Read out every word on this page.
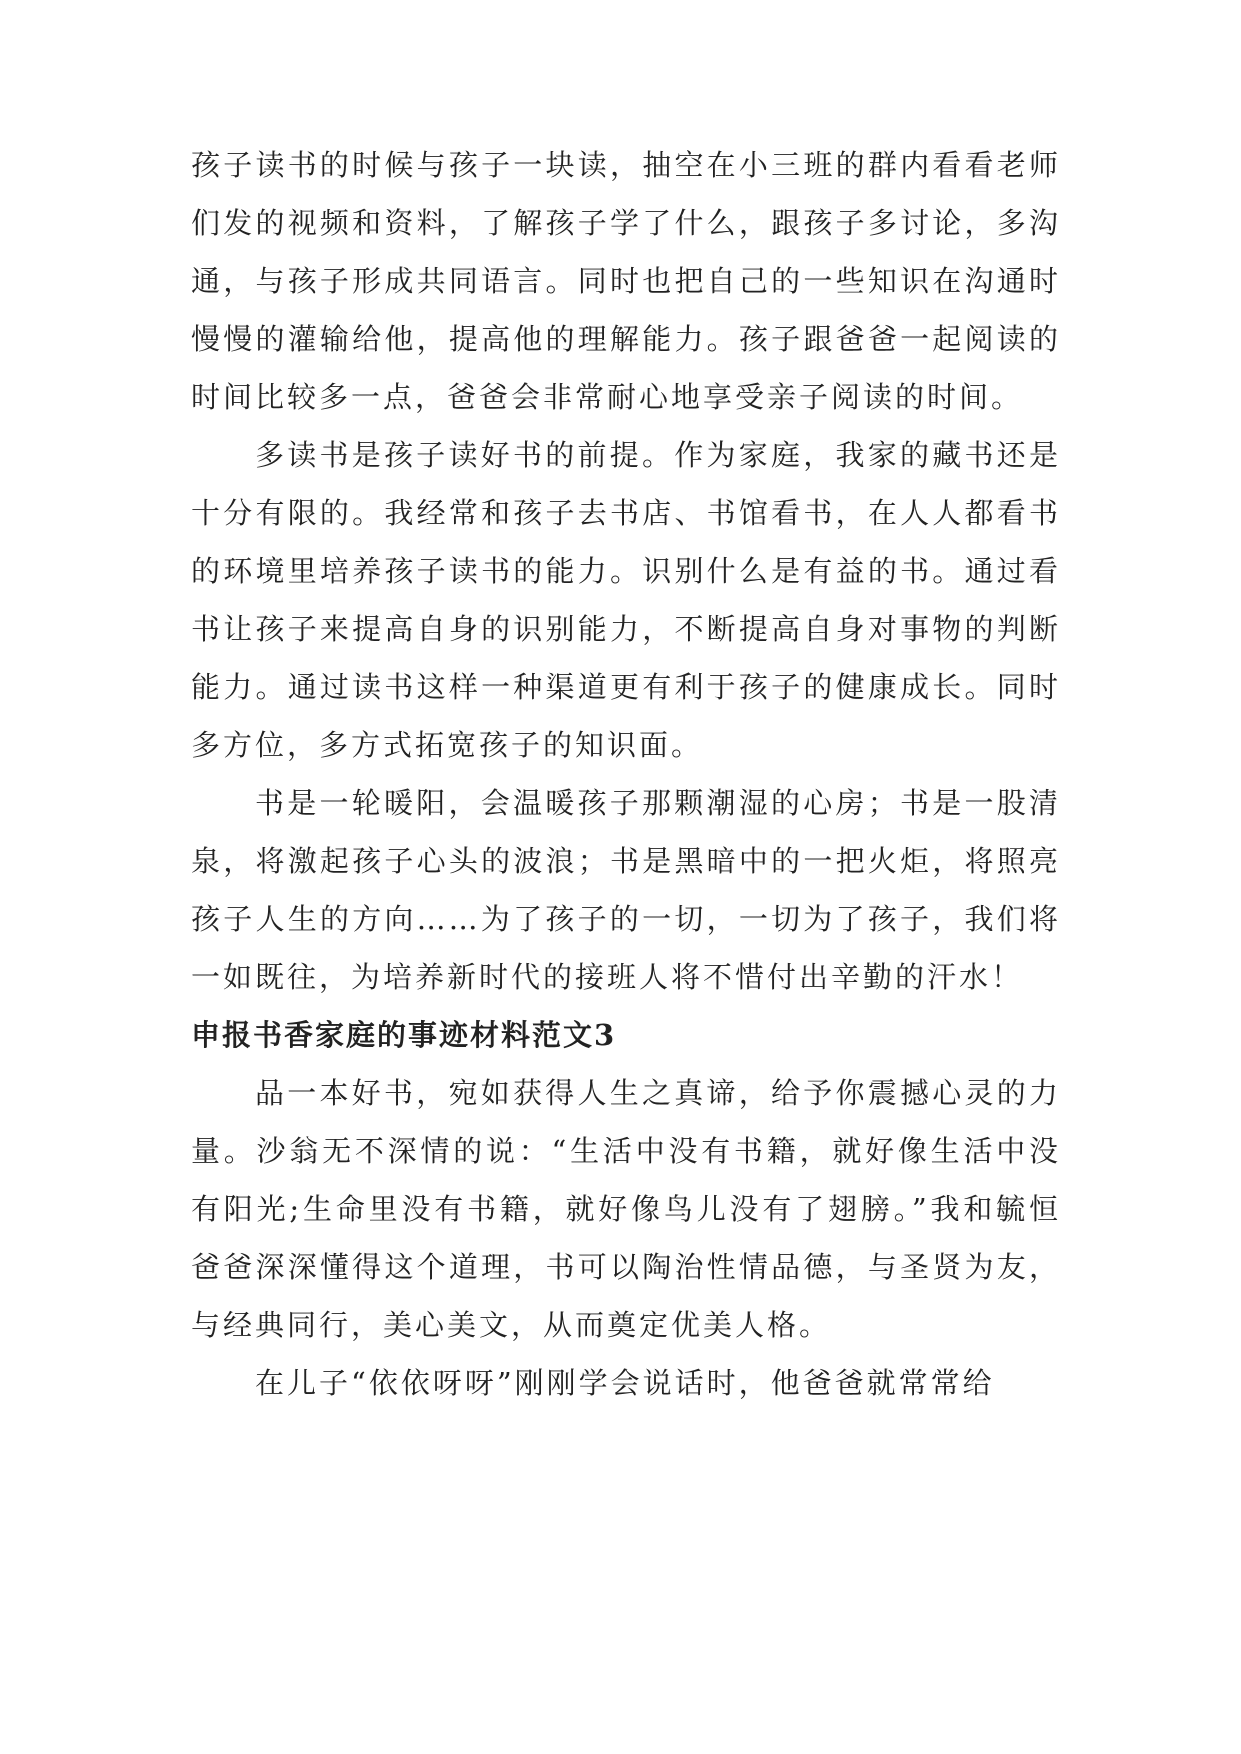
孩子读书的时候与孩子一块读，抽空在小三班的群内看看老师们发的视频和资料，了解孩子学了什么，跟孩子多讨论，多沟通，与孩子形成共同语言。同时也把自己的一些知识在沟通时慢慢的灌输给他，提高他的理解能力。孩子跟爸爸一起阅读的时间比较多一点，爸爸会非常耐心地享受亲子阅读的时间。

多读书是孩子读好书的前提。作为家庭，我家的藏书还是十分有限的。我经常和孩子去书店、书馆看书，在人人都看书的环境里培养孩子读书的能力。识别什么是有益的书。通过看书让孩子来提高自身的识别能力，不断提高自身对事物的判断能力。通过读书这样一种渠道更有利于孩子的健康成长。同时多方位，多方式拓宽孩子的知识面。

书是一轮暖阳，会温暖孩子那颗潮湿的心房；书是一股清泉，将激起孩子心头的波浪；书是黑暗中的一把火炬，将照亮孩子人生的方向……为了孩子的一切，一切为了孩子，我们将一如既往，为培养新时代的接班人将不惜付出辛勤的汗水！

申报书香家庭的事迹材料范文3

品一本好书，宛如获得人生之真谛，给予你震撼心灵的力量。沙翁无不深情的说：“生活中没有书籍，就好像生活中没有阳光;生命里没有书籍，就好像鸟儿没有了翅膀。”我和毓恒爸爸深深懂得这个道理，书可以陶治性情品德，与圣贤为友，与经典同行，美心美文，从而奠定优美人格。

在儿子“依依呀呀”刚刚学会说话时，他爸爸就常常给
